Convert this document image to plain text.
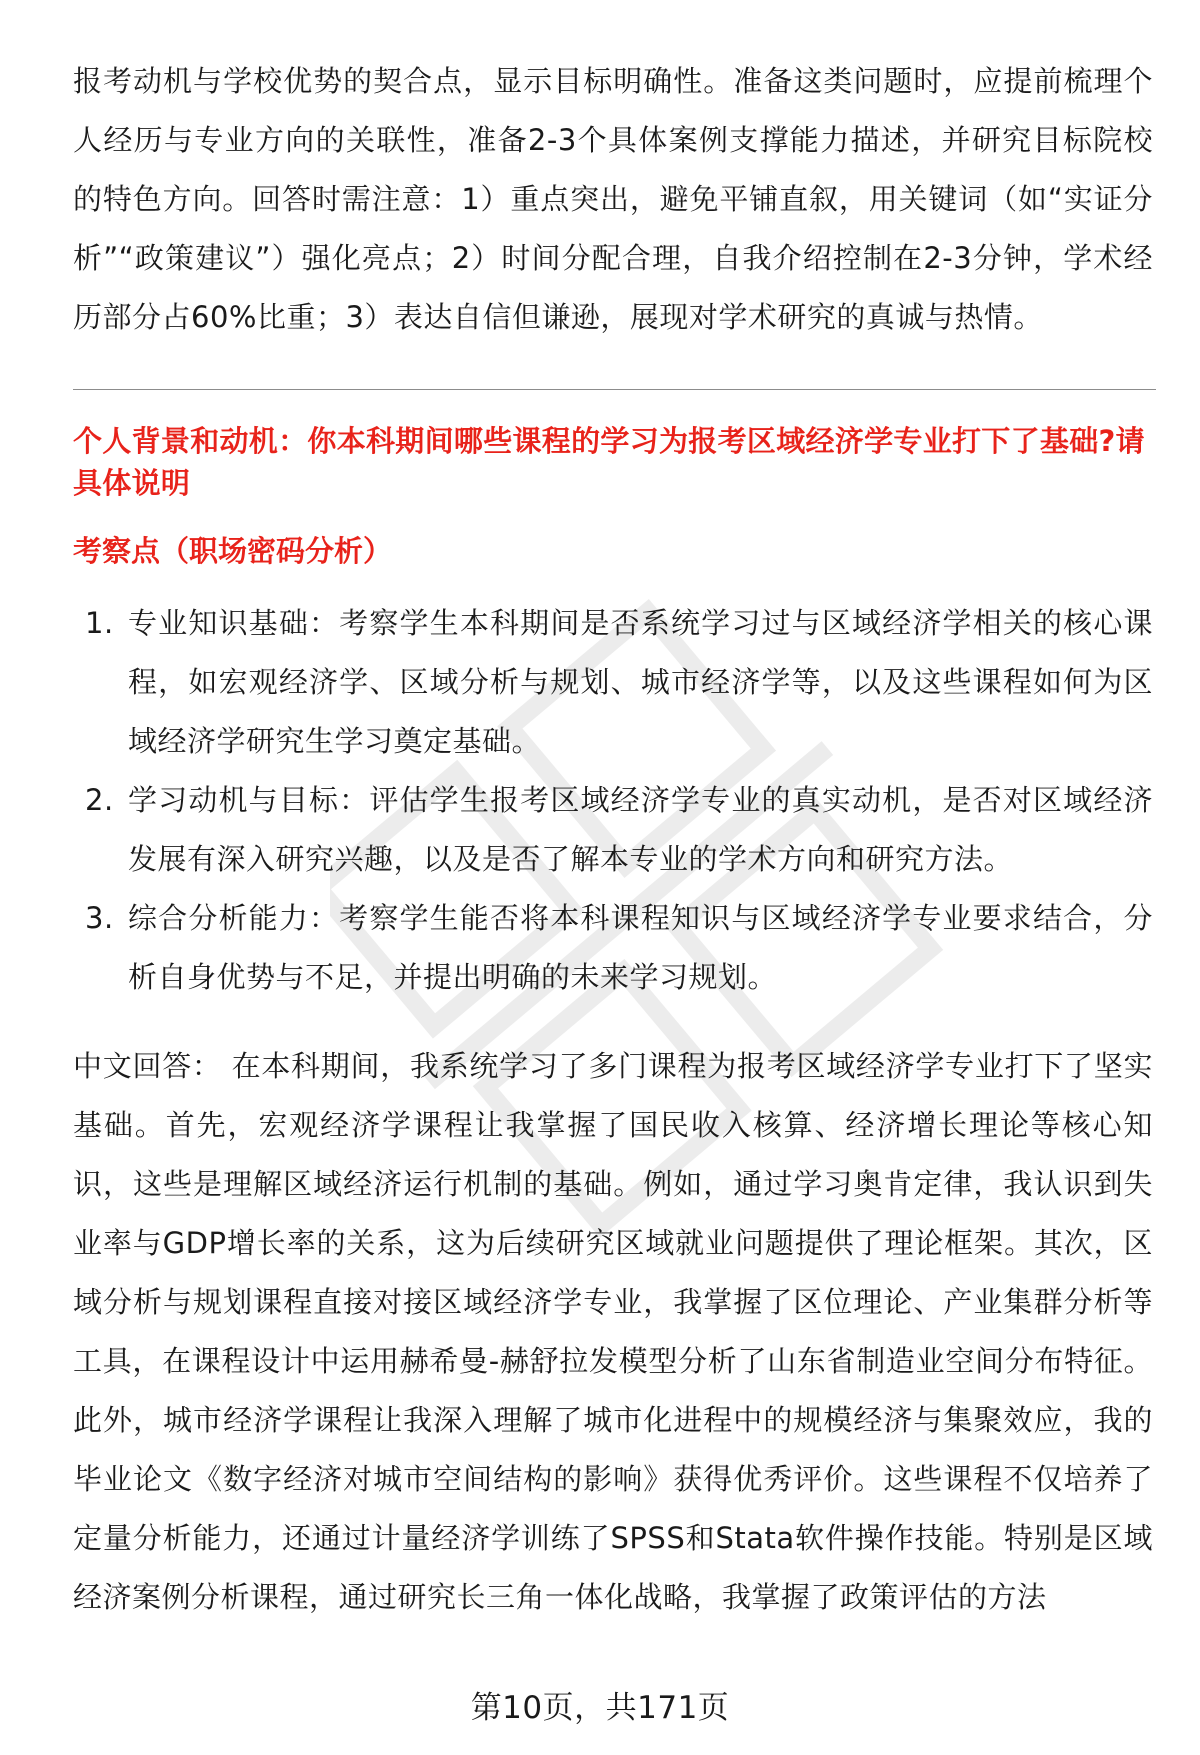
报考动机与学校优势的契合点，显示目标明确性。准备这类问题时，应提前梳理个人经历与专业方向的关联性，准备2-3个具体案例支撑能力描述，并研究目标院校的特色方向。回答时需注意：1）重点突出，避免平铺直叙，用关键词（如“实证分析”“政策建议”）强化亮点；2）时间分配合理，自我介绍控制在2-3分钟，学术经历部分占60%比重；3）表达自信但谦逊，展现对学术研究的真诚与热情。

个人背景和动机：你本科期间哪些课程的学习为报考区域经济学专业打下了基础?请具体说明

考察点（职场密码分析）

1. 专业知识基础：考察学生本科期间是否系统学习过与区域经济学相关的核心课程，如宏观经济学、区域分析与规划、城市经济学等，以及这些课程如何为区域经济学研究生学习奠定基础。
2. 学习动机与目标：评估学生报考区域经济学专业的真实动机，是否对区域经济发展有深入研究兴趣，以及是否了解本专业的学术方向和研究方法。
3. 综合分析能力：考察学生能否将本科课程知识与区域经济学专业要求结合，分析自身优势与不足，并提出明确的未来学习规划。

中文回答： 在本科期间，我系统学习了多门课程为报考区域经济学专业打下了坚实基础。首先，宏观经济学课程让我掌握了国民收入核算、经济增长理论等核心知识，这些是理解区域经济运行机制的基础。例如，通过学习奥肯定律，我认识到失业率与GDP增长率的关系，这为后续研究区域就业问题提供了理论框架。其次，区域分析与规划课程直接对接区域经济学专业，我掌握了区位理论、产业集群分析等工具，在课程设计中运用赫希曼-赫舒拉发模型分析了山东省制造业空间分布特征。此外，城市经济学课程让我深入理解了城市化进程中的规模经济与集聚效应，我的毕业论文《数字经济对城市空间结构的影响》获得优秀评价。这些课程不仅培养了定量分析能力，还通过计量经济学训练了SPSS和Stata软件操作技能。特别是区域经济案例分析课程，通过研究长三角一体化战略，我掌握了政策评估的方法

第10页，共171页
